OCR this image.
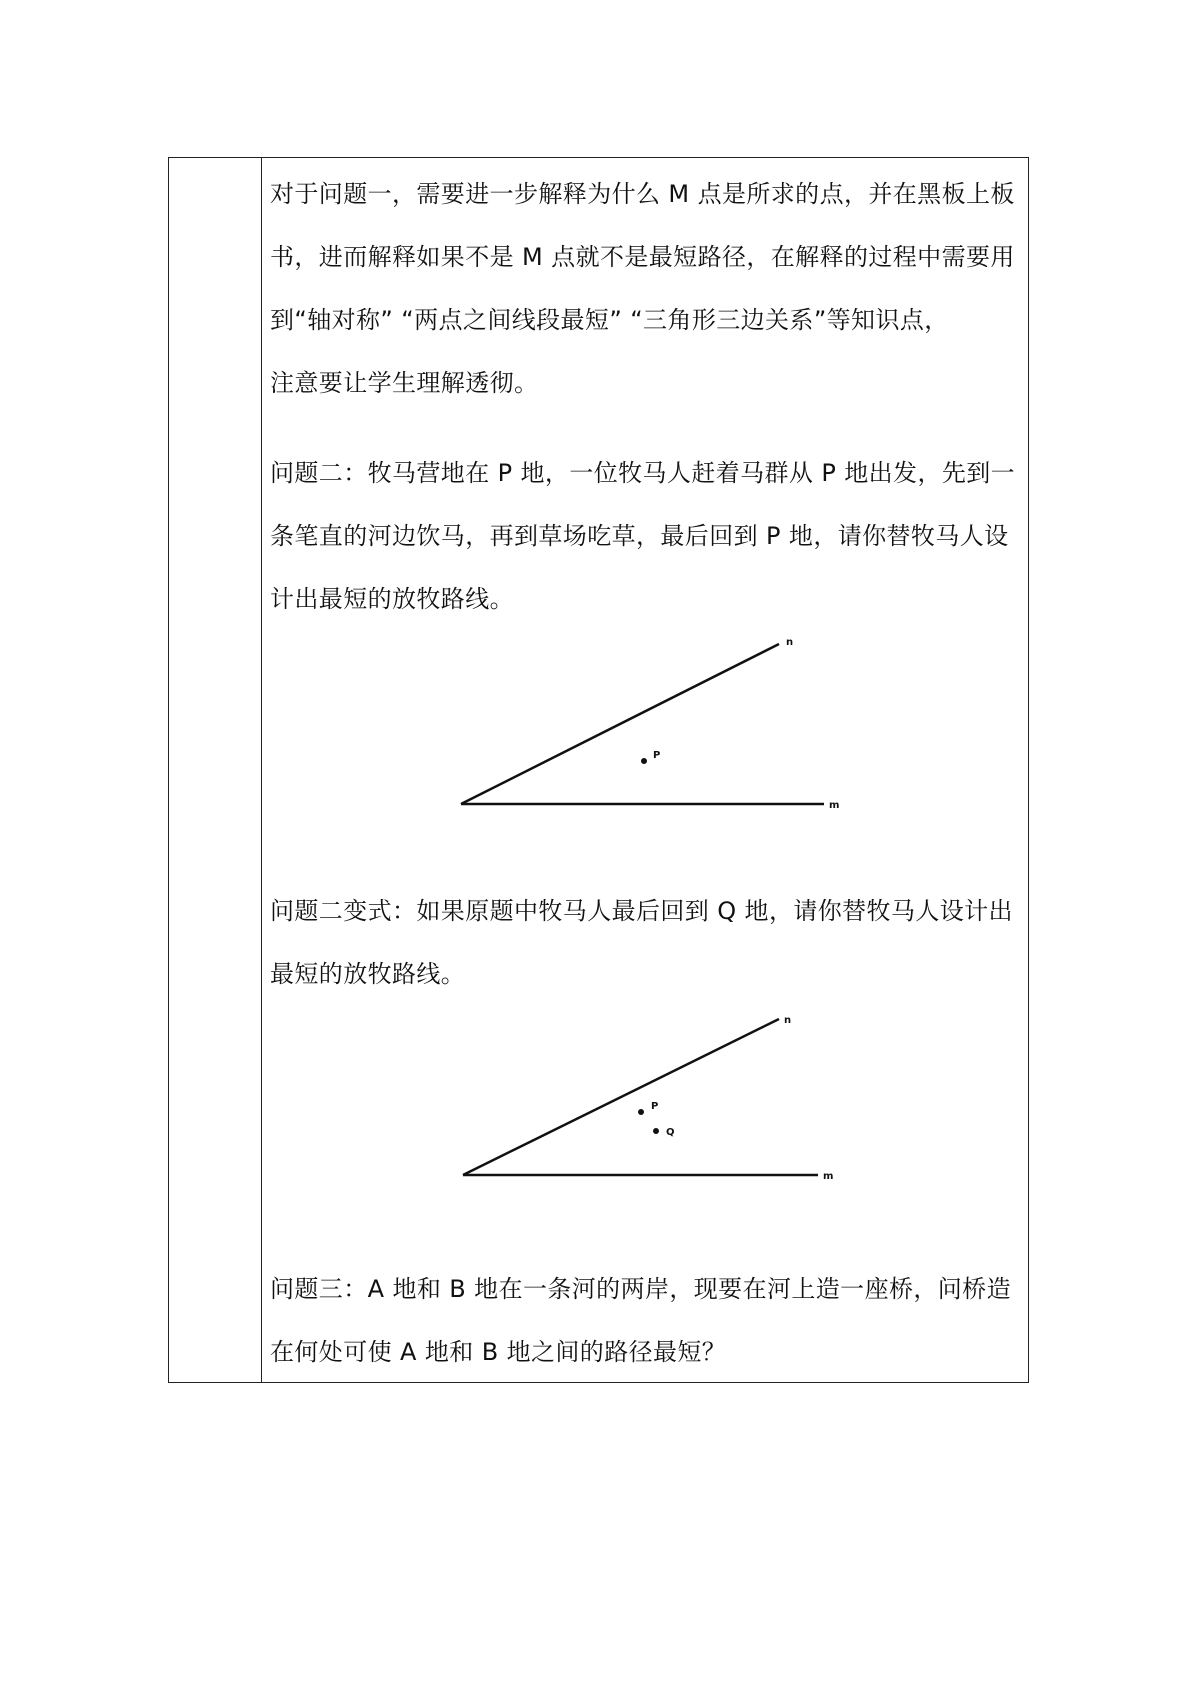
对于问题一，需要进一步解释为什么 M 点是所求的点，并在黑板上板
书，进而解释如果不是 M 点就不是最短路径，在解释的过程中需要用
到“轴对称” “两点之间线段最短” “三角形三边关系”等知识点，
注意要让学生理解透彻。
问题二：牧马营地在 P 地，一位牧马人赶着马群从 P 地出发，先到一
条笔直的河边饮马，再到草场吃草，最后回到 P 地，请你替牧马人设
计出最短的放牧路线。
P
n
m
问题二变式：如果原题中牧马人最后回到 Q 地，请你替牧马人设计出
最短的放牧路线。
P
Q
n
m
问题三：A 地和 B 地在一条河的两岸，现要在河上造一座桥，问桥造
在何处可使 A 地和 B 地之间的路径最短？
